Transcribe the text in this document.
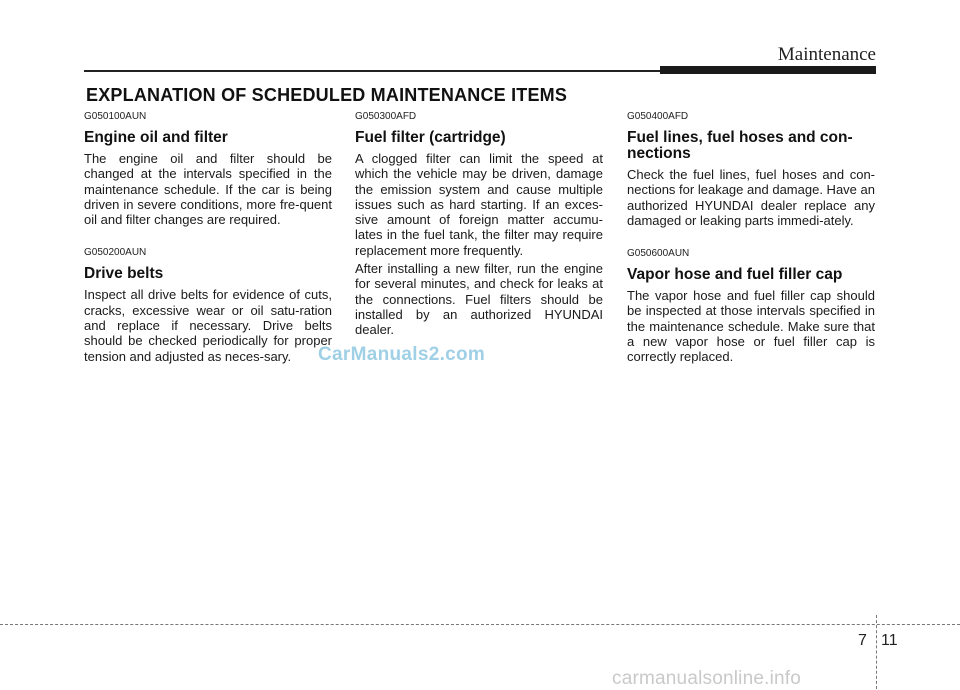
Maintenance
EXPLANATION OF SCHEDULED MAINTENANCE ITEMS
G050100AUN
Engine oil and filter
The engine oil and filter should be changed at the intervals specified in the maintenance schedule. If the car is being driven in severe conditions, more fre-quent oil and filter changes are required.
G050200AUN
Drive belts
Inspect all drive belts for evidence of cuts, cracks, excessive wear or oil satu-ration and replace if necessary. Drive belts should be checked periodically for proper tension and adjusted as neces-sary.
G050300AFD
Fuel filter (cartridge)
A clogged filter can limit the speed at which the vehicle may be driven, damage the emission system and cause multiple issues such as hard starting. If an exces-sive amount of foreign matter accumu-lates in the fuel tank, the filter may require replacement more frequently.
After installing a new filter, run the engine for several minutes, and check for leaks at the connections. Fuel filters should be installed by an authorized HYUNDAI dealer.
G050400AFD
Fuel lines, fuel hoses and con-nections
Check the fuel lines, fuel hoses and con-nections for leakage and damage. Have an authorized HYUNDAI dealer replace any damaged or leaking parts immedi-ately.
G050600AUN
Vapor hose and fuel filler cap
The vapor hose and fuel filler cap should be inspected at those intervals specified in the maintenance schedule. Make sure that a new vapor hose or fuel filler cap is correctly replaced.
CarManuals2.com
7 11
carmanualsonline.info
